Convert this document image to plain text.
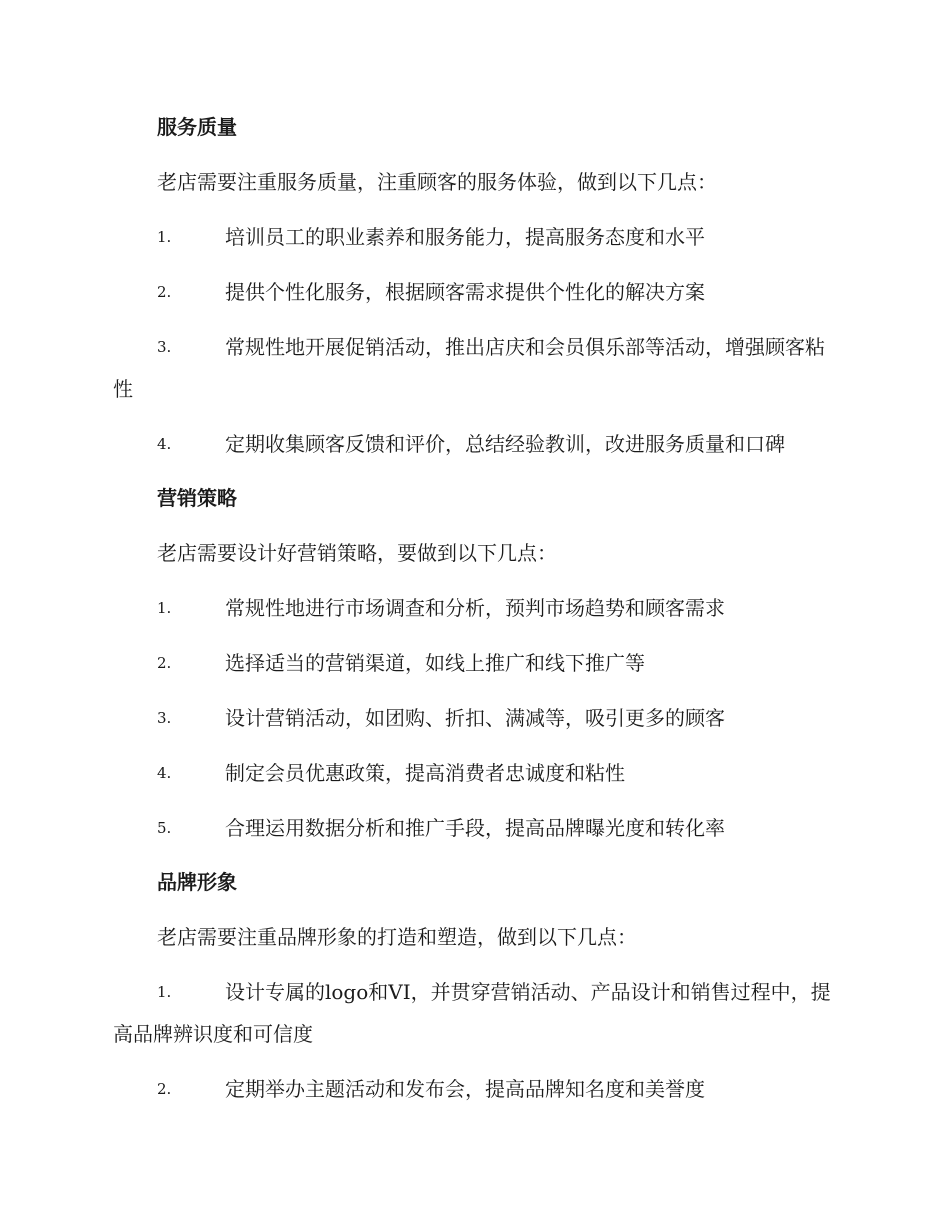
服务质量
老店需要注重服务质量，注重顾客的服务体验，做到以下几点：
1.	培训员工的职业素养和服务能力，提高服务态度和水平
2.	提供个性化服务，根据顾客需求提供个性化的解决方案
3.	常规性地开展促销活动，推出店庆和会员俱乐部等活动，增强顾客粘性
4.	定期收集顾客反馈和评价，总结经验教训，改进服务质量和口碑
营销策略
老店需要设计好营销策略，要做到以下几点：
1.	常规性地进行市场调查和分析，预判市场趋势和顾客需求
2.	选择适当的营销渠道，如线上推广和线下推广等
3.	设计营销活动，如团购、折扣、满减等，吸引更多的顾客
4.	制定会员优惠政策，提高消费者忠诚度和粘性
5.	合理运用数据分析和推广手段，提高品牌曝光度和转化率
品牌形象
老店需要注重品牌形象的打造和塑造，做到以下几点：
1.	设计专属的logo和VI，并贯穿营销活动、产品设计和销售过程中，提高品牌辨识度和可信度
2.	定期举办主题活动和发布会，提高品牌知名度和美誉度
